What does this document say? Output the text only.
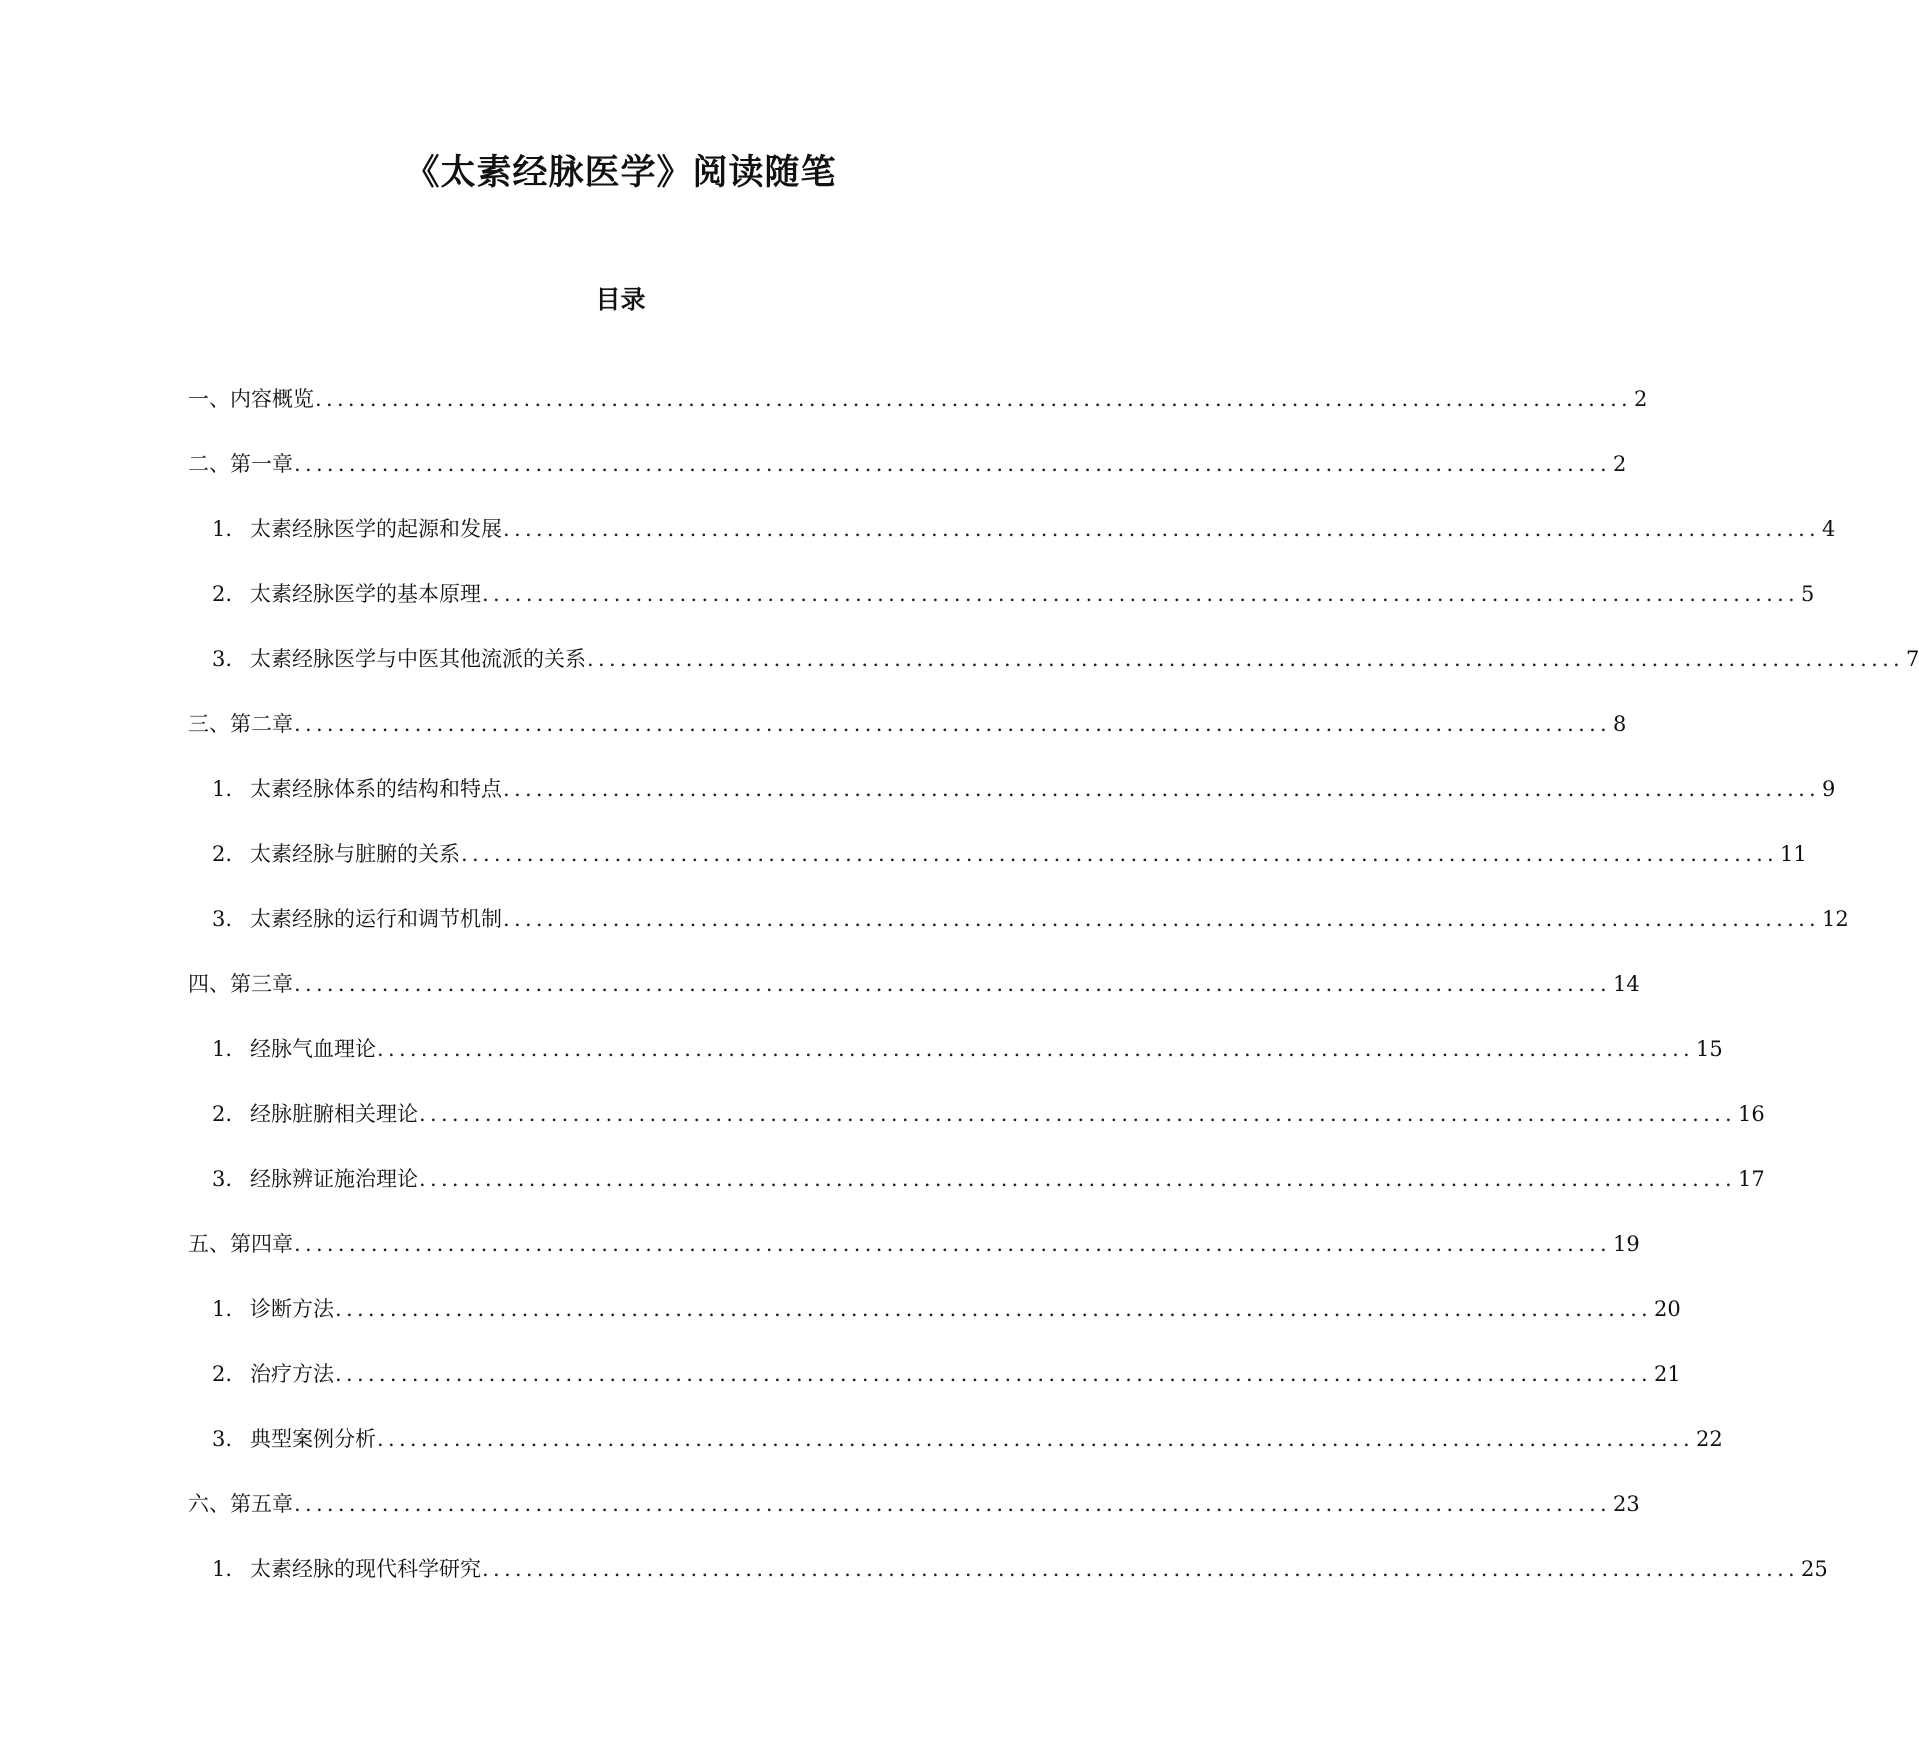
《太素经脉医学》阅读随笔
目录
一、内容概览 ........................................................................................................................ 2
二、第一章 ........................................................................................................................ 2
1. 太素经脉医学的起源和发展 ........................................................................................................................ 4
2. 太素经脉医学的基本原理 ........................................................................................................................ 5
3. 太素经脉医学与中医其他流派的关系 ........................................................................................................................ 7
三、第二章 ........................................................................................................................ 8
1. 太素经脉体系的结构和特点 ........................................................................................................................ 9
2. 太素经脉与脏腑的关系 ........................................................................................................................ 11
3. 太素经脉的运行和调节机制 ........................................................................................................................ 12
四、第三章 ........................................................................................................................ 14
1. 经脉气血理论 ........................................................................................................................ 15
2. 经脉脏腑相关理论 ........................................................................................................................ 16
3. 经脉辨证施治理论 ........................................................................................................................ 17
五、第四章 ........................................................................................................................ 19
1. 诊断方法 ........................................................................................................................ 20
2. 治疗方法 ........................................................................................................................ 21
3. 典型案例分析 ........................................................................................................................ 22
六、第五章 ........................................................................................................................ 23
1. 太素经脉的现代科学研究 ........................................................................................................................ 25
